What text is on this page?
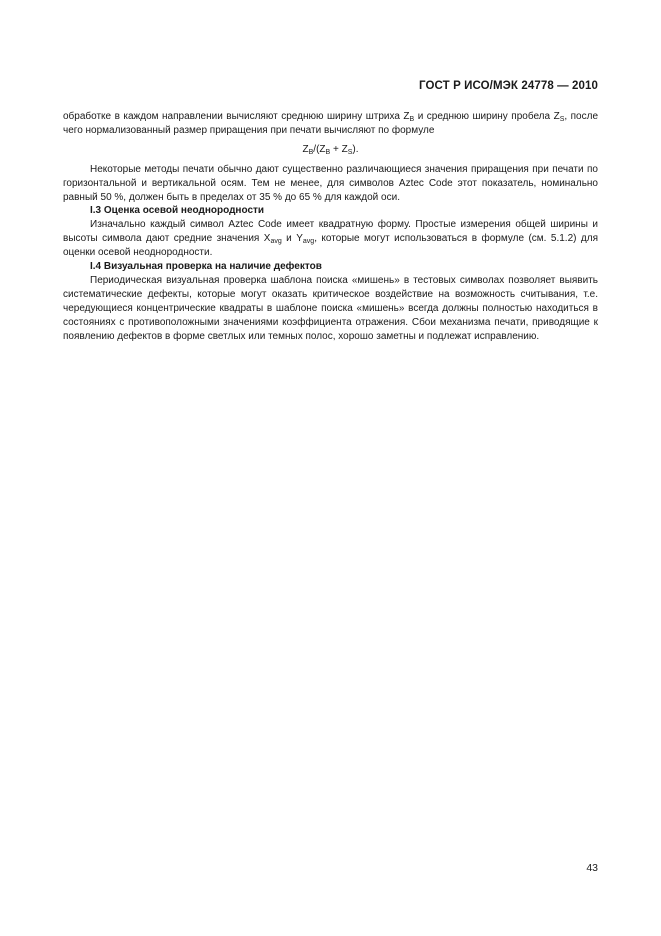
ГОСТ Р ИСО/МЭК 24778 — 2010

обработке в каждом направлении вычисляют среднюю ширину штриха $Z_B$ и среднюю ширину пробела $Z_S$, после чего нормализованный размер приращения при печати вычисляют по формуле

$Z_B/(Z_B + Z_S)$.

Некоторые методы печати обычно дают существенно различающиеся значения приращения при печати по горизонтальной и вертикальной осям. Тем не менее, для символов Aztec Code этот показатель, номинально равный 50 %, должен быть в пределах от 35 % до 65 % для каждой оси.

I.3 Оценка осевой неоднородности

Изначально каждый символ Aztec Code имеет квадратную форму. Простые измерения общей ширины и высоты символа дают средние значения $X_{avg}$ и $Y_{avg}$, которые могут использоваться в формуле (см. 5.1.2) для оценки осевой неоднородности.

I.4 Визуальная проверка на наличие дефектов

Периодическая визуальная проверка шаблона поиска «мишень» в тестовых символах позволяет выявить систематические дефекты, которые могут оказать критическое воздействие на возможность считывания, т.е. чередующиеся концентрические квадраты в шаблоне поиска «мишень» всегда должны полностью находиться в состояниях с противоположными значениями коэффициента отражения. Сбои механизма печати, приводящие к появлению дефектов в форме светлых или темных полос, хорошо заметны и подлежат исправлению.

43
